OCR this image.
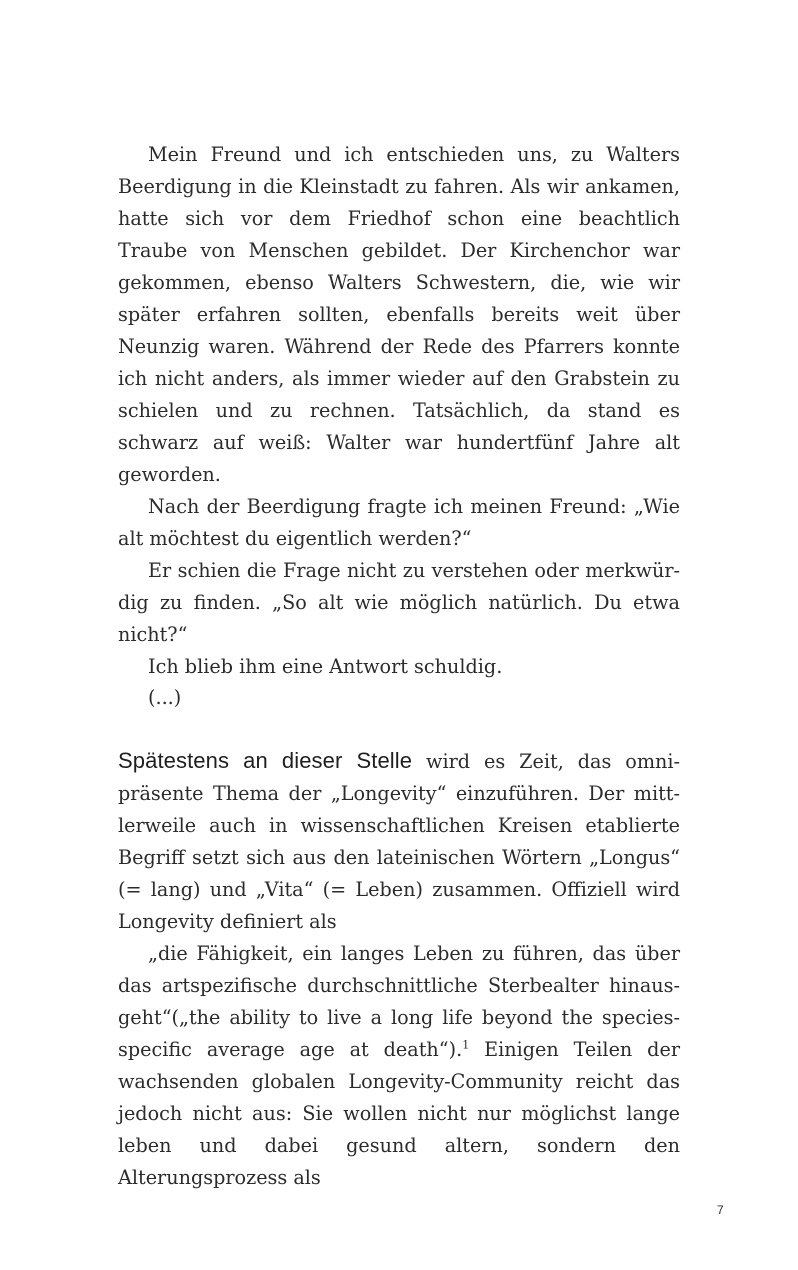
Mein Freund und ich entschieden uns, zu Walters Beerdigung in die Kleinstadt zu fahren. Als wir ankamen, hatte sich vor dem Friedhof schon eine beachtlich Traube von Menschen gebildet. Der Kirchenchor war gekommen, ebenso Walters Schwestern, die, wie wir später erfahren sollten, ebenfalls bereits weit über Neunzig waren. Während der Rede des Pfarrers konnte ich nicht anders, als immer wieder auf den Grabstein zu schielen und zu rechnen. Tatsächlich, da stand es schwarz auf weiß: Walter war hundertfünf Jahre alt geworden.

Nach der Beerdigung fragte ich meinen Freund: „Wie alt möchtest du eigentlich werden?“

Er schien die Frage nicht zu verstehen oder merkwürdig zu finden. „So alt wie möglich natürlich. Du etwa nicht?“

Ich blieb ihm eine Antwort schuldig.

(...)

Spätestens an dieser Stelle wird es Zeit, das omnipräsente Thema der „Longevity“ einzuführen. Der mittlerweile auch in wissenschaftlichen Kreisen etablierte Begriff setzt sich aus den lateinischen Wörtern „Longus“ (= lang) und „Vita“ (= Leben) zusammen. Offiziell wird Longevity definiert als

„die Fähigkeit, ein langes Leben zu führen, das über das artspezifische durchschnittliche Sterbealter hinausgeht“(„the ability to live a long life beyond the species-specific average age at death“).$^1$ Einigen Teilen der wachsenden globalen Longevity-Community reicht das jedoch nicht aus: Sie wollen nicht nur möglichst lange leben und dabei gesund altern, sondern den Alterungsprozess als

7
